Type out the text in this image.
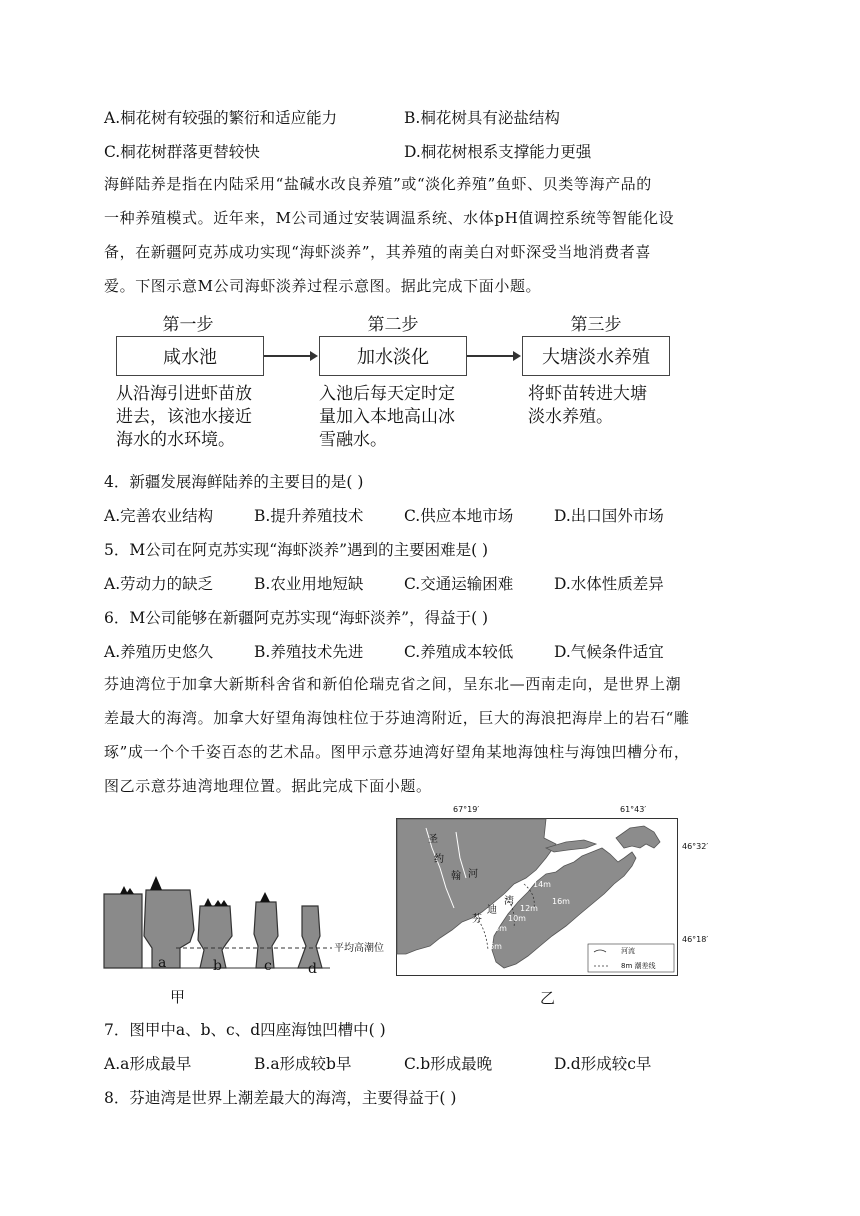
A.桐花树有较强的繁衍和适应能力	B.桐花树具有泌盐结构
C.桐花树群落更替较快	D.桐花树根系支撑能力更强
海鲜陆养是指在内陆采用“盐碱水改良养殖”或“淡化养殖”鱼虾、贝类等海产品的
一种养殖模式。近年来，M公司通过安装调温系统、水体pH值调控系统等智能化设
备，在新疆阿克苏成功实现“海虾淡养”，其养殖的南美白对虾深受当地消费者喜
爱。下图示意M公司海虾淡养过程示意图。据此完成下面小题。
第一步	第二步	第三步
咸水池	加水淡化	大塘淡水养殖
从沿海引进虾苗放
进去，该池水接近
海水的水环境。
入池后每天定时定
量加入本地高山冰
雪融水。
将虾苗转进大塘
淡水养殖。
4．新疆发展海鲜陆养的主要目的是( )
A.完善农业结构	B.提升养殖技术	C.供应本地市场	D.出口国外市场
5．M公司在阿克苏实现“海虾淡养”遇到的主要困难是( )
A.劳动力的缺乏	B.农业用地短缺	C.交通运输困难	D.水体性质差异
6．M公司能够在新疆阿克苏实现“海虾淡养”，得益于( )
A.养殖历史悠久	B.养殖技术先进	C.养殖成本较低	D.气候条件适宜
芬迪湾位于加拿大新斯科舍省和新伯伦瑞克省之间，呈东北—西南走向，是世界上潮
差最大的海湾。加拿大好望角海蚀柱位于芬迪湾附近，巨大的海浪把海岸上的岩石“雕
琢”成一个个千姿百态的艺术品。图甲示意芬迪湾好望角某地海蚀柱与海蚀凹槽分布，
图乙示意芬迪湾地理位置。据此完成下面小题。
平均高潮位
a	b	c	d
甲
67°19′	61°43′
46°32′
46°18′
圣
约
翰 河
芬
迪
湾
14m
16m
12m
10m
8m
6m	河流
8m 潮差线
乙
7．图甲中a、b、c、d四座海蚀凹槽中( )
A.a形成最早	B.a形成较b早	C.b形成最晚	D.d形成较c早
8．芬迪湾是世界上潮差最大的海湾，主要得益于( )
